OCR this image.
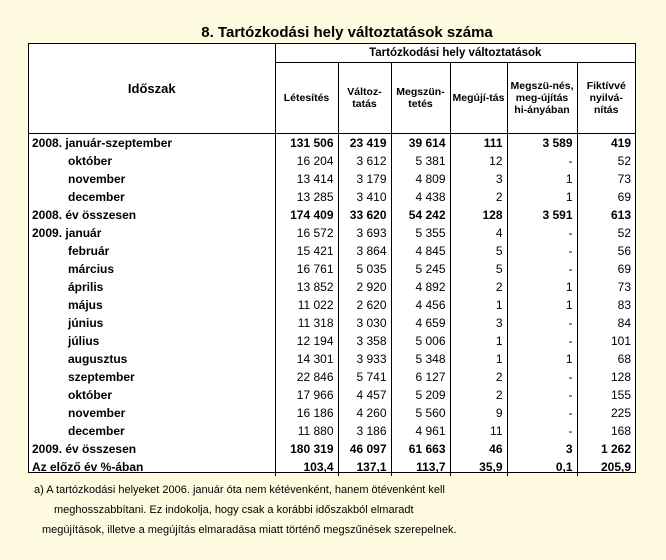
8. Tartózkodási hely változtatások száma
Időszak	Tartózkodási hely változtatások					
	Létesítés	Változ-tatás	Megszün-tetés	Megújí-tás	Megszü-nés, meg-újítás hi-ányában	Fiktívvé nyilvá-nítás
2008. január-szeptember	131 506	23 419	39 614	111	3 589	419
október	16 204	3 612	5 381	12	-	52
november	13 414	3 179	4 809	3	1	73
december	13 285	3 410	4 438	2	1	69
2008. év összesen	174 409	33 620	54 242	128	3 591	613
2009. január	16 572	3 693	5 355	4	-	52
február	15 421	3 864	4 845	5	-	56
március	16 761	5 035	5 245	5	-	69
április	13 852	2 920	4 892	2	1	73
május	11 022	2 620	4 456	1	1	83
június	11 318	3 030	4 659	3	-	84
július	12 194	3 358	5 006	1	-	101
augusztus	14 301	3 933	5 348	1	1	68
szeptember	22 846	5 741	6 127	2	-	128
október	17 966	4 457	5 209	2	-	155
november	16 186	4 260	5 560	9	-	225
december	11 880	3 186	4 961	11	-	168
2009. év összesen	180 319	46 097	61 663	46	3	1 262
Az előző év %-ában	103,4	137,1	113,7	35,9	0,1	205,9
a) A tartózkodási helyeket 2006. január óta nem kétévenként, hanem ötévenként kell
meghosszabbítani. Ez indokolja, hogy csak a korábbi időszakból elmaradt
megújítások, illetve a megújítás elmaradása miatt történő megszűnések szerepelnek.
